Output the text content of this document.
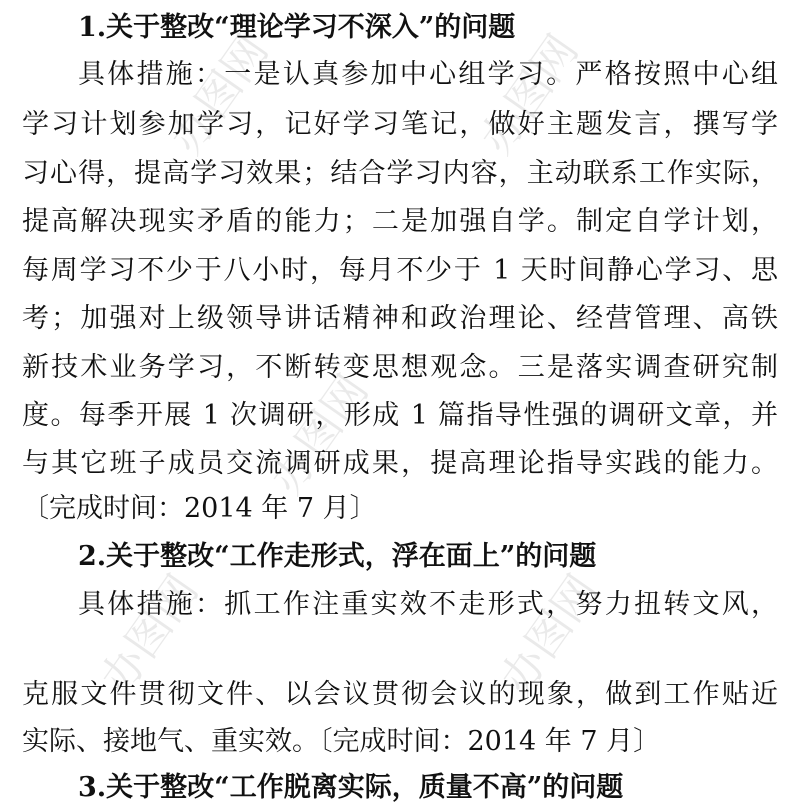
办图网	办图网
办图网
办图网	办图网
1.关于整改“理论学习不深入”的问题
具体措施：一是认真参加中心组学习。严格按照中心组
学习计划参加学习，记好学习笔记，做好主题发言，撰写学
习心得，提高学习效果；结合学习内容，主动联系工作实际，
提高解决现实矛盾的能力；二是加强自学。制定自学计划，
每周学习不少于八小时，每月不少于 1 天时间静心学习、思
考；加强对上级领导讲话精神和政治理论、经营管理、高铁
新技术业务学习，不断转变思想观念。三是落实调查研究制
度。每季开展 1 次调研，形成 1 篇指导性强的调研文章，并
与其它班子成员交流调研成果，提高理论指导实践的能力。
〔完成时间：2014 年 7 月〕
2.关于整改“工作走形式，浮在面上”的问题
具体措施：抓工作注重实效不走形式，努力扭转文风，
克服文件贯彻文件、以会议贯彻会议的现象，做到工作贴近
实际、接地气、重实效。〔完成时间：2014 年 7 月〕
3.关于整改“工作脱离实际，质量不高”的问题
